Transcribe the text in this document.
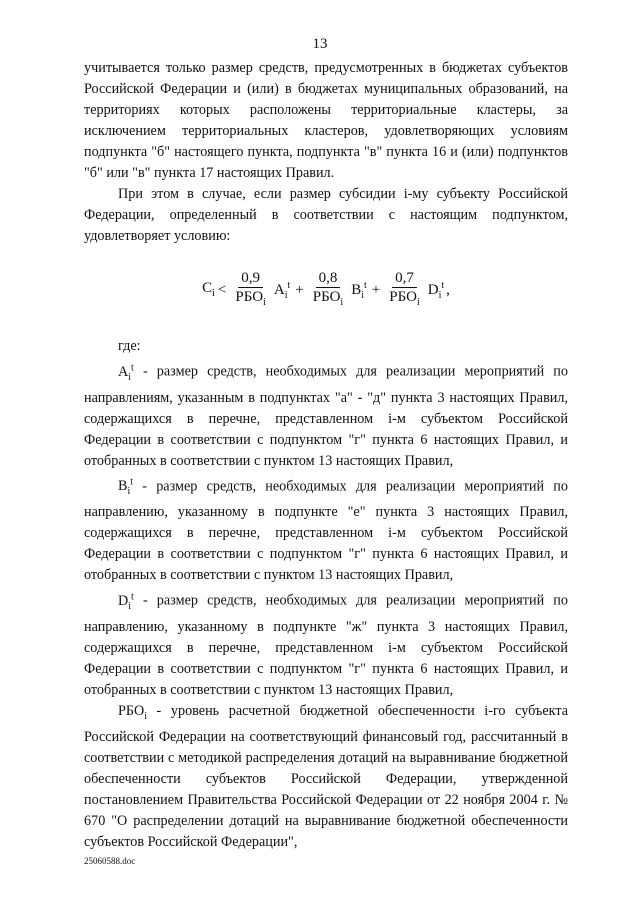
13

учитывается только размер средств, предусмотренных в бюджетах субъектов Российской Федерации и (или) в бюджетах муниципальных образований, на территориях которых расположены территориальные кластеры, за исключением территориальных кластеров, удовлетворяющих условиям подпункта "б" настоящего пункта, подпункта "в" пункта 16 и (или) подпунктов "б" или "в" пункта 17 настоящих Правил.

При этом в случае, если размер субсидии i-му субъекту Российской Федерации, определенный в соответствии с настоящим подпунктом, удовлетворяет условию:

$C_i < \frac{0,9}{РБО_i} A_i^t + \frac{0,8}{РБО_i} B_i^t + \frac{0,7}{РБО_i} D_i^t$ ,

где:

$A_i^t$ - размер средств, необходимых для реализации мероприятий по направлениям, указанным в подпунктах "а" - "д" пункта 3 настоящих Правил, содержащихся в перечне, представленном i-м субъектом Российской Федерации в соответствии с подпунктом "г" пункта 6 настоящих Правил, и отобранных в соответствии с пунктом 13 настоящих Правил,

$B_i^t$ - размер средств, необходимых для реализации мероприятий по направлению, указанному в подпункте "е" пункта 3 настоящих Правил, содержащихся в перечне, представленном i-м субъектом Российской Федерации в соответствии с подпунктом "г" пункта 6 настоящих Правил, и отобранных в соответствии с пунктом 13 настоящих Правил,

$D_i^t$ - размер средств, необходимых для реализации мероприятий по направлению, указанному в подпункте "ж" пункта 3 настоящих Правил, содержащихся в перечне, представленном i-м субъектом Российской Федерации в соответствии с подпунктом "г" пункта 6 настоящих Правил, и отобранных в соответствии с пунктом 13 настоящих Правил,

$РБО_i$ - уровень расчетной бюджетной обеспеченности i-го субъекта Российской Федерации на соответствующий финансовый год, рассчитанный в соответствии с методикой распределения дотаций на выравнивание бюджетной обеспеченности субъектов Российской Федерации, утвержденной постановлением Правительства Российской Федерации от 22 ноября 2004 г. № 670 "О распределении дотаций на выравнивание бюджетной обеспеченности субъектов Российской Федерации",

25060588.doc
